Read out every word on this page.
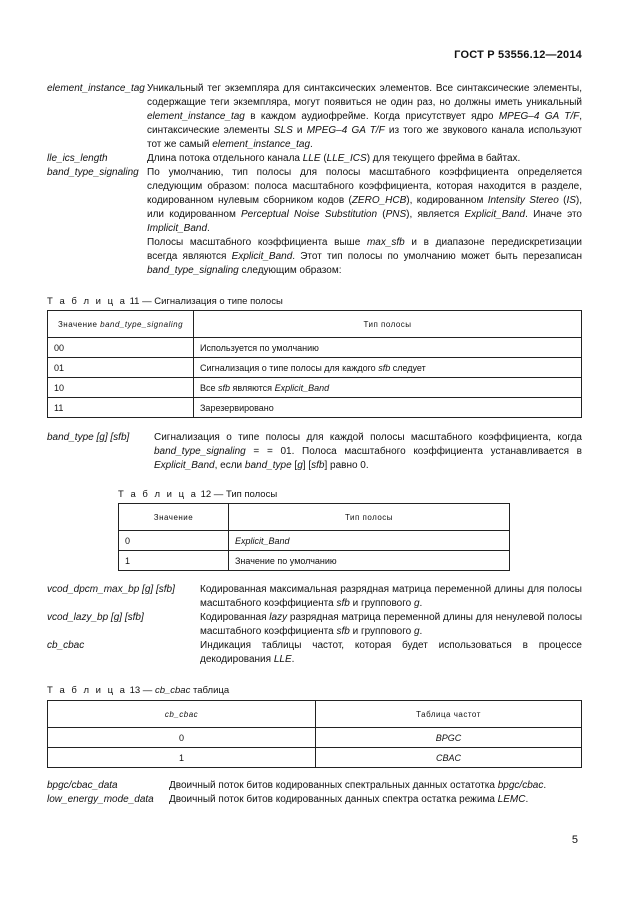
ГОСТ Р 53556.12—2014
element_instance_tag Уникальный тег экземпляра для синтаксических элементов. Все синтаксические элементы, содержащие теги экземпляра, могут появиться не один раз, но должны иметь уникальный element_instance_tag в каждом аудиофрейме. Когда присутствует ядро MPEG–4 GA T/F, синтаксические элементы SLS и MPEG–4 GA T/F из того же звукового канала используют тот же самый element_instance_tag.
lle_ics_length	Длина потока отдельного канала LLE (LLE_ICS) для текущего фрейма в байтах.
band_type_signaling По умолчанию, тип полосы для полосы масштабного коэффициента определяется следующим образом: полоса масштабного коэффициента, которая находится в разделе, кодированном нулевым сборником кодов (ZERO_HCB), кодированном Intensity Stereo (IS), или кодированном Perceptual Noise Substitution (PNS), является Explicit_Band. Иначе это Implicit_Band.
Полосы масштабного коэффициента выше max_sfb и в диапазоне передискретизации всегда являются Explicit_Band. Этот тип полосы по умолчанию может быть перезаписан band_type_signaling следующим образом:
Т а б л и ц а 11 — Сигнализация о типе полосы
Значение band_type_signaling	Тип полосы
00	Используется по умолчанию
01	Сигнализация о типе полосы для каждого sfb следует
10	Все sfb являются Explicit_Band
11	Зарезервировано
band_type [g] [sfb]	Сигнализация о типе полосы для каждой полосы масштабного коэффициента, когда band_type_signaling = = 01. Полоса масштабного коэффициента устанавливается в Explicit_Band, если band_type [g] [sfb] равно 0.
Т а б л и ц а 12 — Тип полосы
Значение	Тип полосы
0	Explicit_Band
1	Значение по умолчанию
vcod_dpcm_max_bp [g] [sfb]	Кодированная максимальная разрядная матрица переменной длины для полосы масштабного коэффициента sfb и группового g.
vcod_lazy_bp [g] [sfb]	Кодированная lazy разрядная матрица переменной длины для ненулевой полосы масштабного коэффициента sfb и группового g.
cb_cbac	Индикация таблицы частот, которая будет использоваться в процессе декодирования LLE.
Т а б л и ц а 13 — cb_cbac таблица
cb_cbac	Таблица частот
0	BPGC
1	CBAC
bpgc/cbac_data	Двоичный поток битов кодированных спектральных данных остатотка bpgc/cbac.
low_energy_mode_data	Двоичный поток битов кодированных данных спектра остатка режима LEMC.
5
